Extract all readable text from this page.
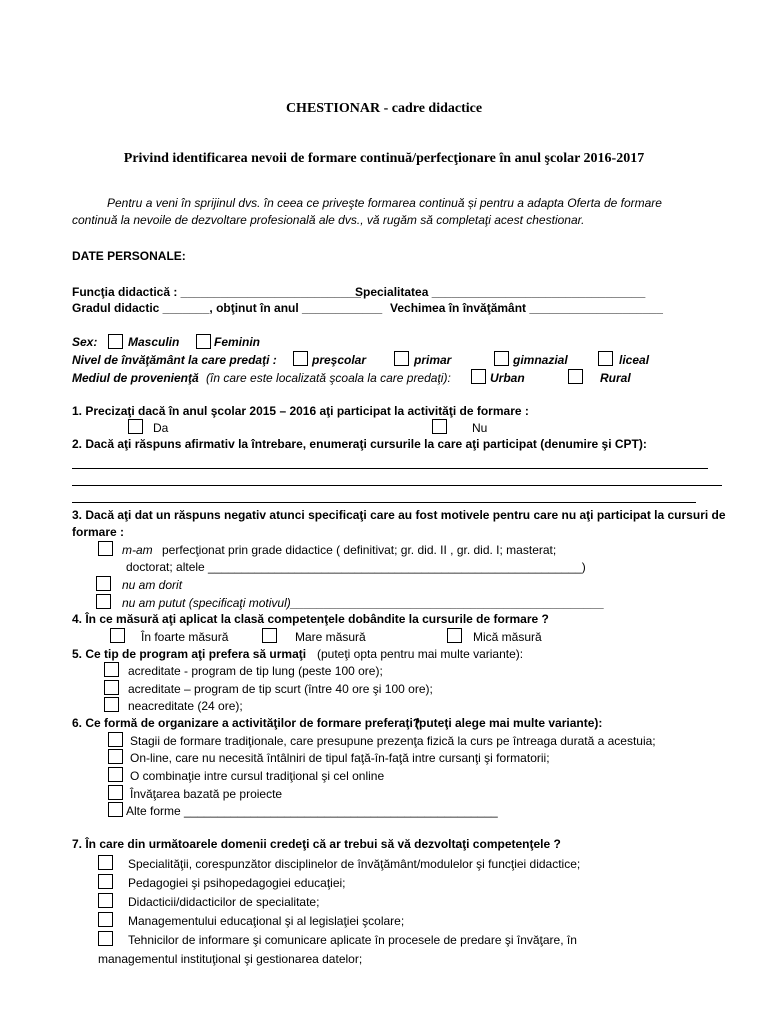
CHESTIONAR - cadre didactice
Privind identificarea nevoii de formare continuă/perfecţionare în anul şcolar 2016-2017
Pentru a veni în sprijinul dvs. în ceea ce priveşte formarea continuă și pentru a adapta Oferta de formare
continuă la nevoile de dezvoltare profesională ale dvs., vă rugăm să completaţi acest chestionar.
DATE PERSONALE:
Funcţia didactică : ___________________________
Specialitatea ________________________________
Gradul didactic _______, obţinut în anul ____________ Vechimea în învăţământ ____________________
Sex:	Masculin	Feminin
Nivel de învăţământ la care predaţi :	preşcolar	primar	gimnazial	liceal
Mediul de provenienţă (în care este localizată şcoala la care predaţi):	Urban	Rural
1. Precizaţi dacă în anul şcolar 2015 – 2016 aţi participat la activităţi de formare :
Da	Nu
2. Dacă aţi răspuns afirmativ la întrebare, enumeraţi cursurile la care aţi participat (denumire şi CPT):
3. Dacă aţi dat un răspuns negativ atunci specificaţi care au fost motivele pentru care nu aţi participat la cursuri de
formare :
m-am perfecţionat prin grade didactice ( definitivat; gr. did. II , gr. did. I; masterat;
doctorat; altele ________________________________________________________)
nu am dorit
nu am putut (specificaţi motivul)_______________________________________________
4. În ce măsură aţi aplicat la clasă competenţele dobândite la cursurile de formare ?
În foarte măsură	Mare măsură	Mică măsură
5. Ce tip de program aţi prefera să urmaţi (puteţi opta pentru mai multe variante):
acreditate - program de tip lung (peste 100 ore);
acreditate – program de tip scurt (între 40 ore şi 100 ore);
neacreditate (24 ore);
6. Ce formă de organizare a activităţilor de formare preferaţi?
(puteţi alege mai multe variante):
Stagii de formare tradiţionale, care presupune prezenţa fizică la curs pe întreaga durată a acestuia;
On-line, care nu necesită întâlniri de tipul faţă-în-faţă intre cursanţi şi formatorii;
O combinaţie intre cursul tradiţional şi cel online
Învăţarea bazată pe proiecte
Alte forme _______________________________________________
7. În care din următoarele domenii credeţi că ar trebui să vă dezvoltaţi competenţele ?
Specialităţii, corespunzător disciplinelor de învăţământ/modulelor şi funcţiei didactice;
Pedagogiei şi psihopedagogiei educaţiei;
Didacticii/didacticilor de specialitate;
Managementului educaţional şi al legislaţiei şcolare;
Tehnicilor de informare şi comunicare aplicate în procesele de predare şi învăţare, în
managementul instituţional şi gestionarea datelor;
